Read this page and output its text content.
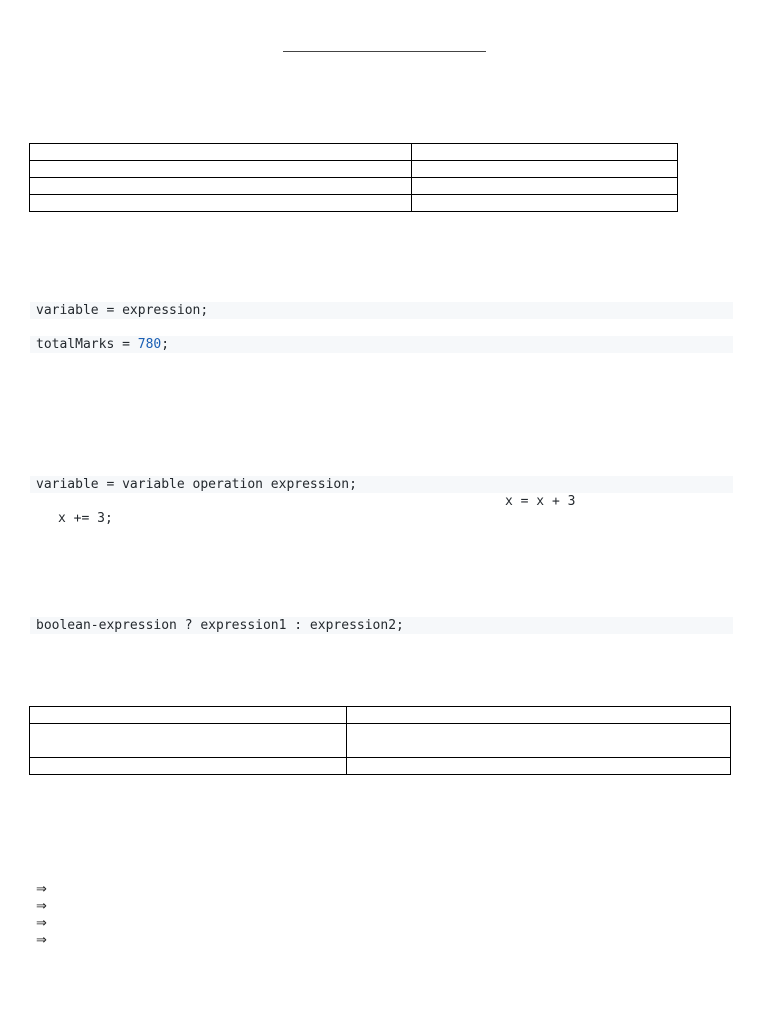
variable = expression;
totalMarks = 780;
variable = variable operation expression;
x = x + 3
x += 3;
boolean-expression ? expression1 : expression2;

⇒
⇒
⇒
⇒
